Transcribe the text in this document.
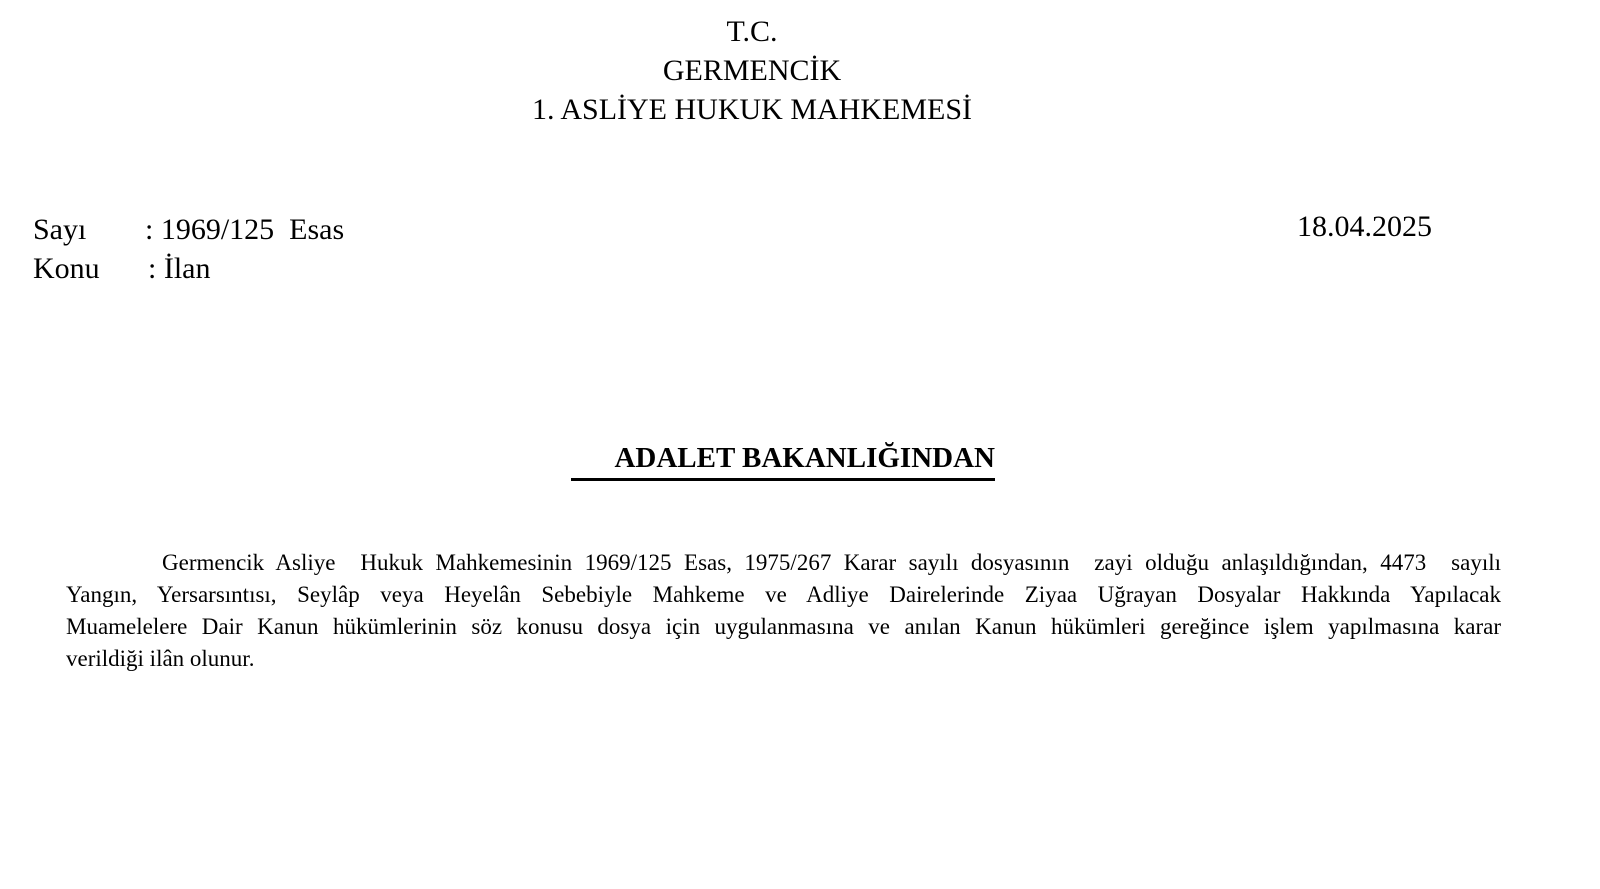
T.C.
GERMENCİK
1. ASLİYE HUKUK MAHKEMESİ
Sayı : 1969/125  Esas
Konu : İlan
18.04.2025
ADALET BAKANLIĞINDAN
Germencik Asliye  Hukuk Mahkemesinin 1969/125 Esas, 1975/267 Karar sayılı dosyasının  zayi olduğu anlaşıldığından, 4473  sayılı
Yangın, Yersarsıntısı, Seylâp veya Heyelân Sebebiyle Mahkeme ve Adliye Dairelerinde Ziyaa Uğrayan Dosyalar Hakkında Yapılacak
Muamelelere Dair Kanun hükümlerinin söz konusu dosya için uygulanmasına ve anılan Kanun hükümleri gereğince işlem yapılmasına karar
verildiği ilân olunur.
